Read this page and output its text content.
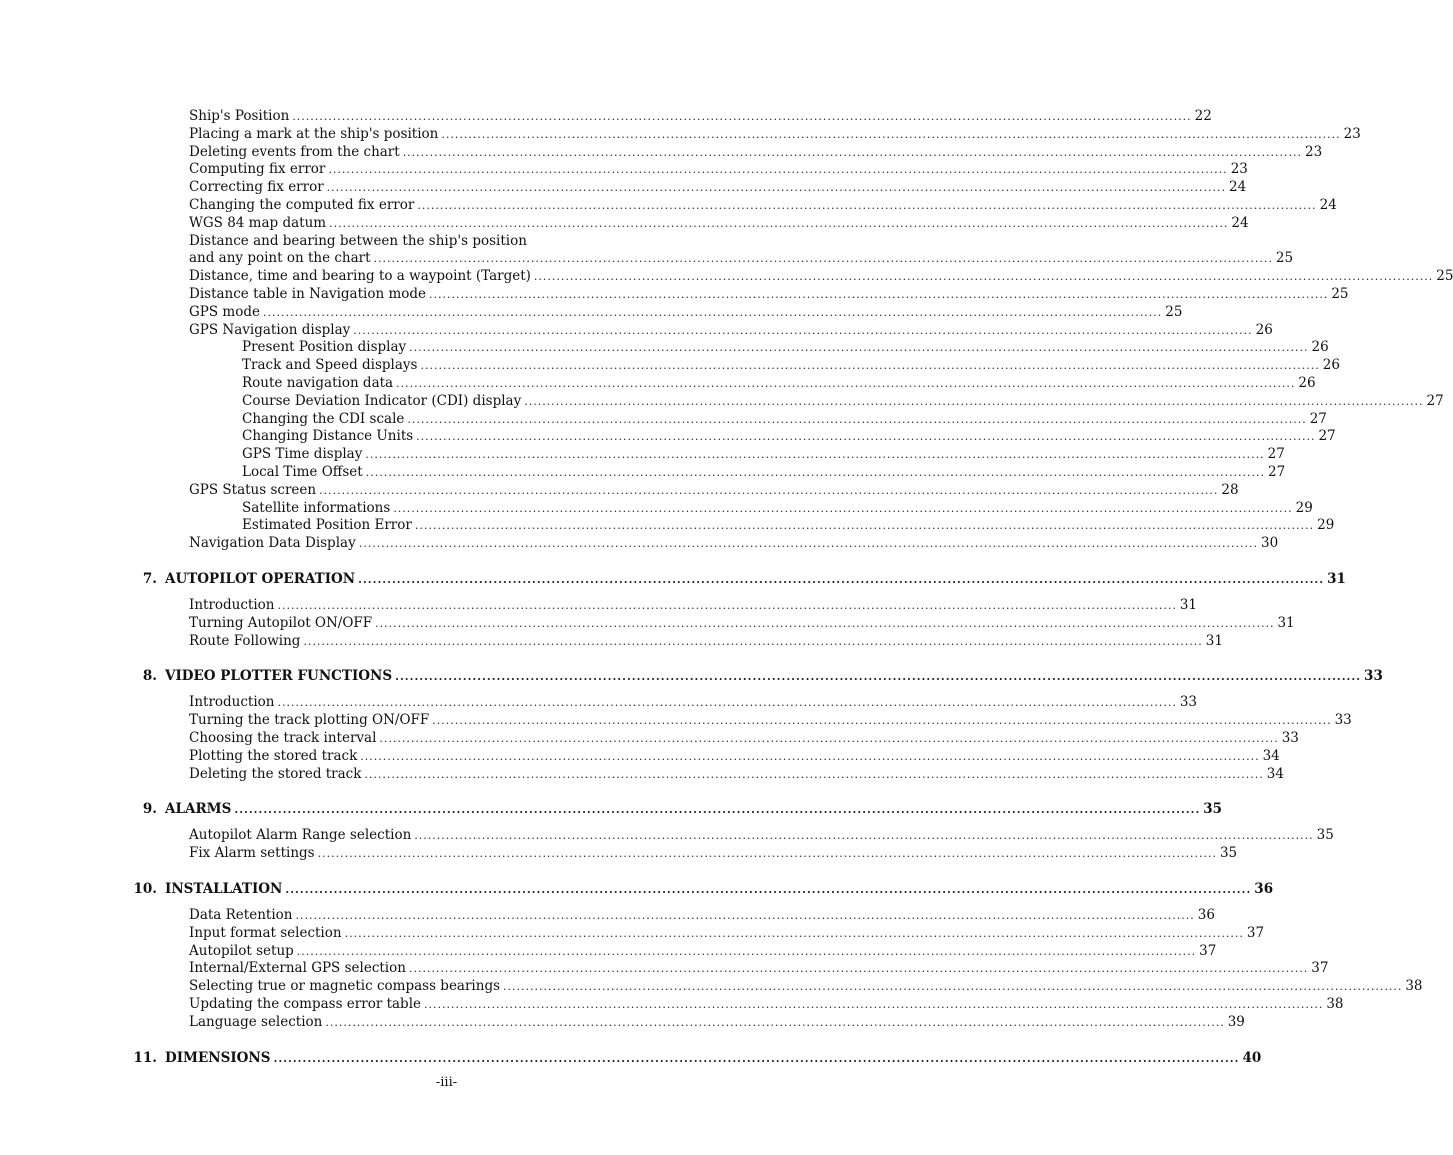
Ship's Position ........................................................................................................................................................................................................ 22
Placing a mark at the ship's position ........................................................................................................................................................................................................ 23
Deleting events from the chart ........................................................................................................................................................................................................ 23
Computing fix error ........................................................................................................................................................................................................ 23
Correcting fix error ........................................................................................................................................................................................................ 24
Changing the computed fix error ........................................................................................................................................................................................................ 24
WGS 84 map datum ........................................................................................................................................................................................................ 24
Distance and bearing between the ship's position
and any point on the chart ........................................................................................................................................................................................................ 25
Distance, time and bearing to a waypoint (Target) ........................................................................................................................................................................................................ 25
Distance table in Navigation mode ........................................................................................................................................................................................................ 25
GPS mode ........................................................................................................................................................................................................ 25
GPS Navigation display ........................................................................................................................................................................................................ 26
Present Position display ........................................................................................................................................................................................................ 26
Track and Speed displays ........................................................................................................................................................................................................ 26
Route navigation data ........................................................................................................................................................................................................ 26
Course Deviation Indicator (CDI) display ........................................................................................................................................................................................................ 27
Changing the CDI scale ........................................................................................................................................................................................................ 27
Changing Distance Units ........................................................................................................................................................................................................ 27
GPS Time display ........................................................................................................................................................................................................ 27
Local Time Offset ........................................................................................................................................................................................................ 27
GPS Status screen ........................................................................................................................................................................................................ 28
Satellite informations ........................................................................................................................................................................................................ 29
Estimated Position Error ........................................................................................................................................................................................................ 29
Navigation Data Display ........................................................................................................................................................................................................ 30
7. AUTOPILOT OPERATION ........................................................................................................................................................................................................ 31
Introduction ........................................................................................................................................................................................................ 31
Turning Autopilot ON/OFF ........................................................................................................................................................................................................ 31
Route Following ........................................................................................................................................................................................................ 31
8. VIDEO PLOTTER FUNCTIONS ........................................................................................................................................................................................................ 33
Introduction ........................................................................................................................................................................................................ 33
Turning the track plotting ON/OFF ........................................................................................................................................................................................................ 33
Choosing the track interval ........................................................................................................................................................................................................ 33
Plotting the stored track ........................................................................................................................................................................................................ 34
Deleting the stored track ........................................................................................................................................................................................................ 34
9. ALARMS ........................................................................................................................................................................................................ 35
Autopilot Alarm Range selection ........................................................................................................................................................................................................ 35
Fix Alarm settings ........................................................................................................................................................................................................ 35
10. INSTALLATION ........................................................................................................................................................................................................ 36
Data Retention ........................................................................................................................................................................................................ 36
Input format selection ........................................................................................................................................................................................................ 37
Autopilot setup ........................................................................................................................................................................................................ 37
Internal/External GPS selection ........................................................................................................................................................................................................ 37
Selecting true or magnetic compass bearings ........................................................................................................................................................................................................ 38
Updating the compass error table ........................................................................................................................................................................................................ 38
Language selection ........................................................................................................................................................................................................ 39
11. DIMENSIONS ........................................................................................................................................................................................................ 40
-iii-
